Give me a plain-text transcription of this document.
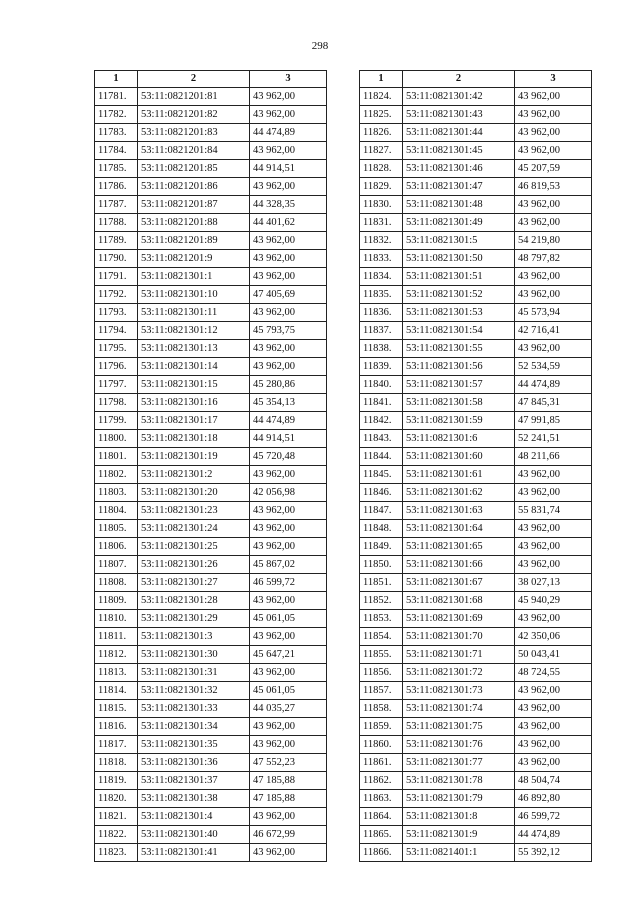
298
1	2	3
11781.	53:11:0821201:81	43 962,00
11782.	53:11:0821201:82	43 962,00
11783.	53:11:0821201:83	44 474,89
11784.	53:11:0821201:84	43 962,00
11785.	53:11:0821201:85	44 914,51
11786.	53:11:0821201:86	43 962,00
11787.	53:11:0821201:87	44 328,35
11788.	53:11:0821201:88	44 401,62
11789.	53:11:0821201:89	43 962,00
11790.	53:11:0821201:9	43 962,00
11791.	53:11:0821301:1	43 962,00
11792.	53:11:0821301:10	47 405,69
11793.	53:11:0821301:11	43 962,00
11794.	53:11:0821301:12	45 793,75
11795.	53:11:0821301:13	43 962,00
11796.	53:11:0821301:14	43 962,00
11797.	53:11:0821301:15	45 280,86
11798.	53:11:0821301:16	45 354,13
11799.	53:11:0821301:17	44 474,89
11800.	53:11:0821301:18	44 914,51
11801.	53:11:0821301:19	45 720,48
11802.	53:11:0821301:2	43 962,00
11803.	53:11:0821301:20	42 056,98
11804.	53:11:0821301:23	43 962,00
11805.	53:11:0821301:24	43 962,00
11806.	53:11:0821301:25	43 962,00
11807.	53:11:0821301:26	45 867,02
11808.	53:11:0821301:27	46 599,72
11809.	53:11:0821301:28	43 962,00
11810.	53:11:0821301:29	45 061,05
11811.	53:11:0821301:3	43 962,00
11812.	53:11:0821301:30	45 647,21
11813.	53:11:0821301:31	43 962,00
11814.	53:11:0821301:32	45 061,05
11815.	53:11:0821301:33	44 035,27
11816.	53:11:0821301:34	43 962,00
11817.	53:11:0821301:35	43 962,00
11818.	53:11:0821301:36	47 552,23
11819.	53:11:0821301:37	47 185,88
11820.	53:11:0821301:38	47 185,88
11821.	53:11:0821301:4	43 962,00
11822.	53:11:0821301:40	46 672,99
11823.	53:11:0821301:41	43 962,00
1	2	3
11824.	53:11:0821301:42	43 962,00
11825.	53:11:0821301:43	43 962,00
11826.	53:11:0821301:44	43 962,00
11827.	53:11:0821301:45	43 962,00
11828.	53:11:0821301:46	45 207,59
11829.	53:11:0821301:47	46 819,53
11830.	53:11:0821301:48	43 962,00
11831.	53:11:0821301:49	43 962,00
11832.	53:11:0821301:5	54 219,80
11833.	53:11:0821301:50	48 797,82
11834.	53:11:0821301:51	43 962,00
11835.	53:11:0821301:52	43 962,00
11836.	53:11:0821301:53	45 573,94
11837.	53:11:0821301:54	42 716,41
11838.	53:11:0821301:55	43 962,00
11839.	53:11:0821301:56	52 534,59
11840.	53:11:0821301:57	44 474,89
11841.	53:11:0821301:58	47 845,31
11842.	53:11:0821301:59	47 991,85
11843.	53:11:0821301:6	52 241,51
11844.	53:11:0821301:60	48 211,66
11845.	53:11:0821301:61	43 962,00
11846.	53:11:0821301:62	43 962,00
11847.	53:11:0821301:63	55 831,74
11848.	53:11:0821301:64	43 962,00
11849.	53:11:0821301:65	43 962,00
11850.	53:11:0821301:66	43 962,00
11851.	53:11:0821301:67	38 027,13
11852.	53:11:0821301:68	45 940,29
11853.	53:11:0821301:69	43 962,00
11854.	53:11:0821301:70	42 350,06
11855.	53:11:0821301:71	50 043,41
11856.	53:11:0821301:72	48 724,55
11857.	53:11:0821301:73	43 962,00
11858.	53:11:0821301:74	43 962,00
11859.	53:11:0821301:75	43 962,00
11860.	53:11:0821301:76	43 962,00
11861.	53:11:0821301:77	43 962,00
11862.	53:11:0821301:78	48 504,74
11863.	53:11:0821301:79	46 892,80
11864.	53:11:0821301:8	46 599,72
11865.	53:11:0821301:9	44 474,89
11866.	53:11:0821401:1	55 392,12
